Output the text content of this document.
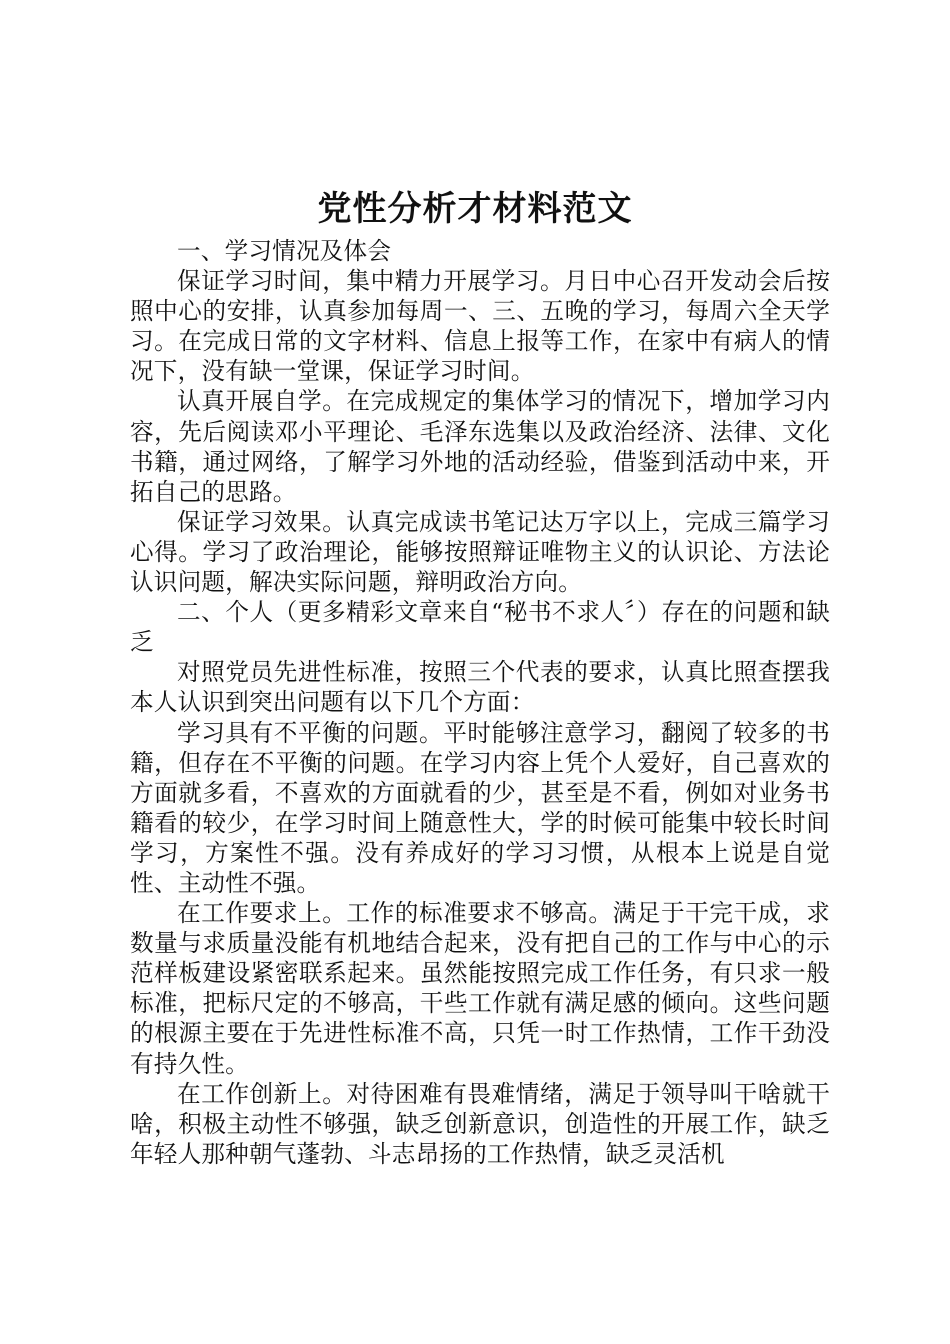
党性分析才材料范文

一、学习情况及体会

保证学习时间，集中精力开展学习。月日中心召开发动会后按照中心的安排，认真参加每周一、三、五晚的学习，每周六全天学习。在完成日常的文字材料、信息上报等工作，在家中有病人的情况下，没有缺一堂课，保证学习时间。

认真开展自学。在完成规定的集体学习的情况下，增加学习内容，先后阅读邓小平理论、毛泽东选集以及政治经济、法律、文化书籍，通过网络，了解学习外地的活动经验，借鉴到活动中来，开拓自己的思路。

保证学习效果。认真完成读书笔记达万字以上，完成三篇学习心得。学习了政治理论，能够按照辩证唯物主义的认识论、方法论认识问题，解决实际问题，辩明政治方向。

二、个人（更多精彩文章来自“秘书不求人〞）存在的问题和缺乏

对照党员先进性标准，按照三个代表的要求，认真比照查摆我本人认识到突出问题有以下几个方面：

学习具有不平衡的问题。平时能够注意学习，翻阅了较多的书籍，但存在不平衡的问题。在学习内容上凭个人爱好，自己喜欢的方面就多看，不喜欢的方面就看的少，甚至是不看，例如对业务书籍看的较少，在学习时间上随意性大，学的时候可能集中较长时间学习，方案性不强。没有养成好的学习习惯，从根本上说是自觉性、主动性不强。

在工作要求上。工作的标准要求不够高。满足于干完干成，求数量与求质量没能有机地结合起来，没有把自己的工作与中心的示范样板建设紧密联系起来。虽然能按照完成工作任务，有只求一般标准，把标尺定的不够高，干些工作就有满足感的倾向。这些问题的根源主要在于先进性标准不高，只凭一时工作热情，工作干劲没有持久性。

在工作创新上。对待困难有畏难情绪，满足于领导叫干啥就干啥，积极主动性不够强，缺乏创新意识，创造性的开展工作，缺乏年轻人那种朝气蓬勃、斗志昂扬的工作热情，缺乏灵活机
